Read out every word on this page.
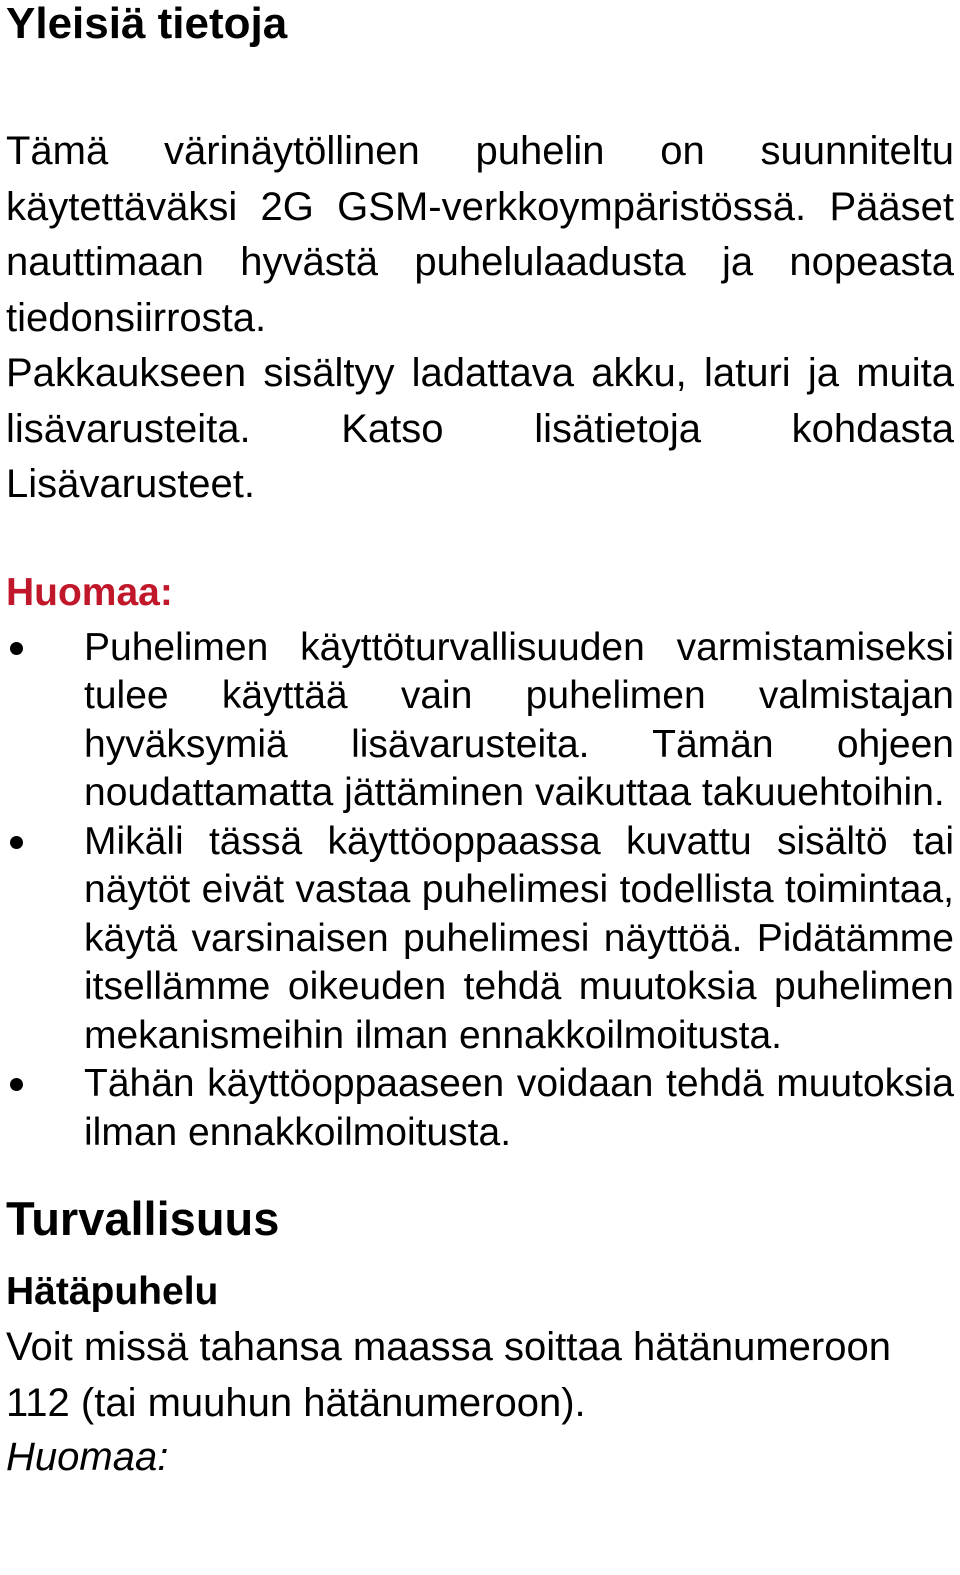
Yleisiä tietoja

Tämä värinäytöllinen puhelin on suunniteltu käytettäväksi 2G GSM-verkkoympäristössä. Pääset nauttimaan hyvästä puhelulaadusta ja nopeasta tiedonsiirrosta.

Pakkaukseen sisältyy ladattava akku, laturi ja muita lisävarusteita. Katso lisätietoja kohdasta Lisävarusteet.

Huomaa:
Puhelimen käyttöturvallisuuden varmistamiseksi tulee käyttää vain puhelimen valmistajan hyväksymiä lisävarusteita. Tämän ohjeen noudattamatta jättäminen vaikuttaa takuuehtoihin.
Mikäli tässä käyttöoppaassa kuvattu sisältö tai näytöt eivät vastaa puhelimesi todellista toimintaa, käytä varsinaisen puhelimesi näyttöä. Pidätämme itsellämme oikeuden tehdä muutoksia puhelimen mekanismeihin ilman ennakkoilmoitusta.
Tähän käyttöoppaaseen voidaan tehdä muutoksia ilman ennakkoilmoitusta.
Turvallisuus
Hätäpuhelu

Voit missä tahansa maassa soittaa hätänumeroon 112 (tai muuhun hätänumeroon).

Huomaa:
